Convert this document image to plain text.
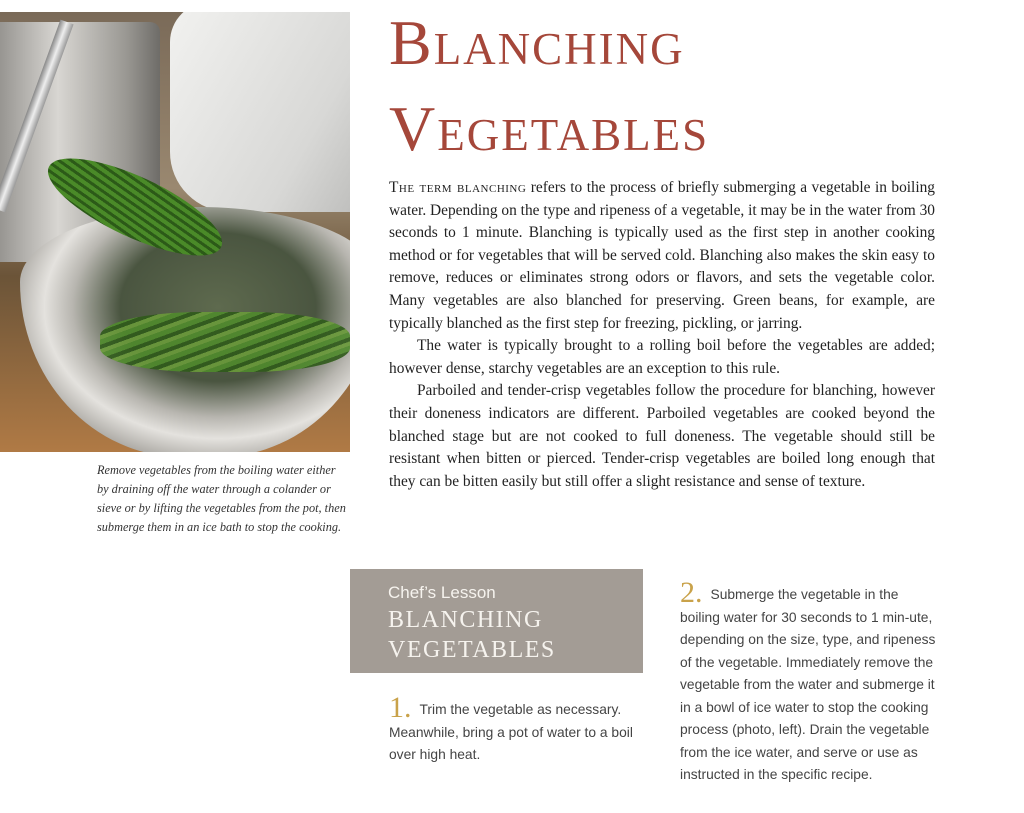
Remove vegetables from the boiling water either by draining off the water through a colander or sieve or by lifting the vegetables from the pot, then submerge them in an ice bath to stop the cooking.
Blanching
Vegetables

The term blanching refers to the process of briefly submerging a vegetable in boiling water. Depending on the type and ripeness of a vegetable, it may be in the water from 30 seconds to 1 minute. Blanching is typically used as the first step in another cooking method or for vegetables that will be served cold. Blanching also makes the skin easy to remove, reduces or eliminates strong odors or flavors, and sets the vegetable color. Many vegetables are also blanched for preserving. Green beans, for example, are typically blanched as the first step for freezing, pickling, or jarring.

The water is typically brought to a rolling boil before the vegetables are added; however dense, starchy vegetables are an exception to this rule.

Parboiled and tender-crisp vegetables follow the procedure for blanching, however their doneness indicators are different. Parboiled vegetables are cooked beyond the blanched stage but are not cooked to full doneness. The vegetable should still be resistant when bitten or pierced. Tender-crisp vegetables are boiled long enough that they can be bitten easily but still offer a slight resistance and sense of texture.

Chef’s Lesson
BLANCHING
VEGETABLES
1. Trim the vegetable as necessary. Meanwhile, bring a pot of water to a boil over high heat.
2. Submerge the vegetable in the boiling water for 30 seconds to 1 min-ute, depending on the size, type, and ripeness of the vegetable. Immediately remove the vegetable from the water and submerge it in a bowl of ice water to stop the cooking process (photo, left). Drain the vegetable from the ice water, and serve or use as instructed in the specific recipe.
